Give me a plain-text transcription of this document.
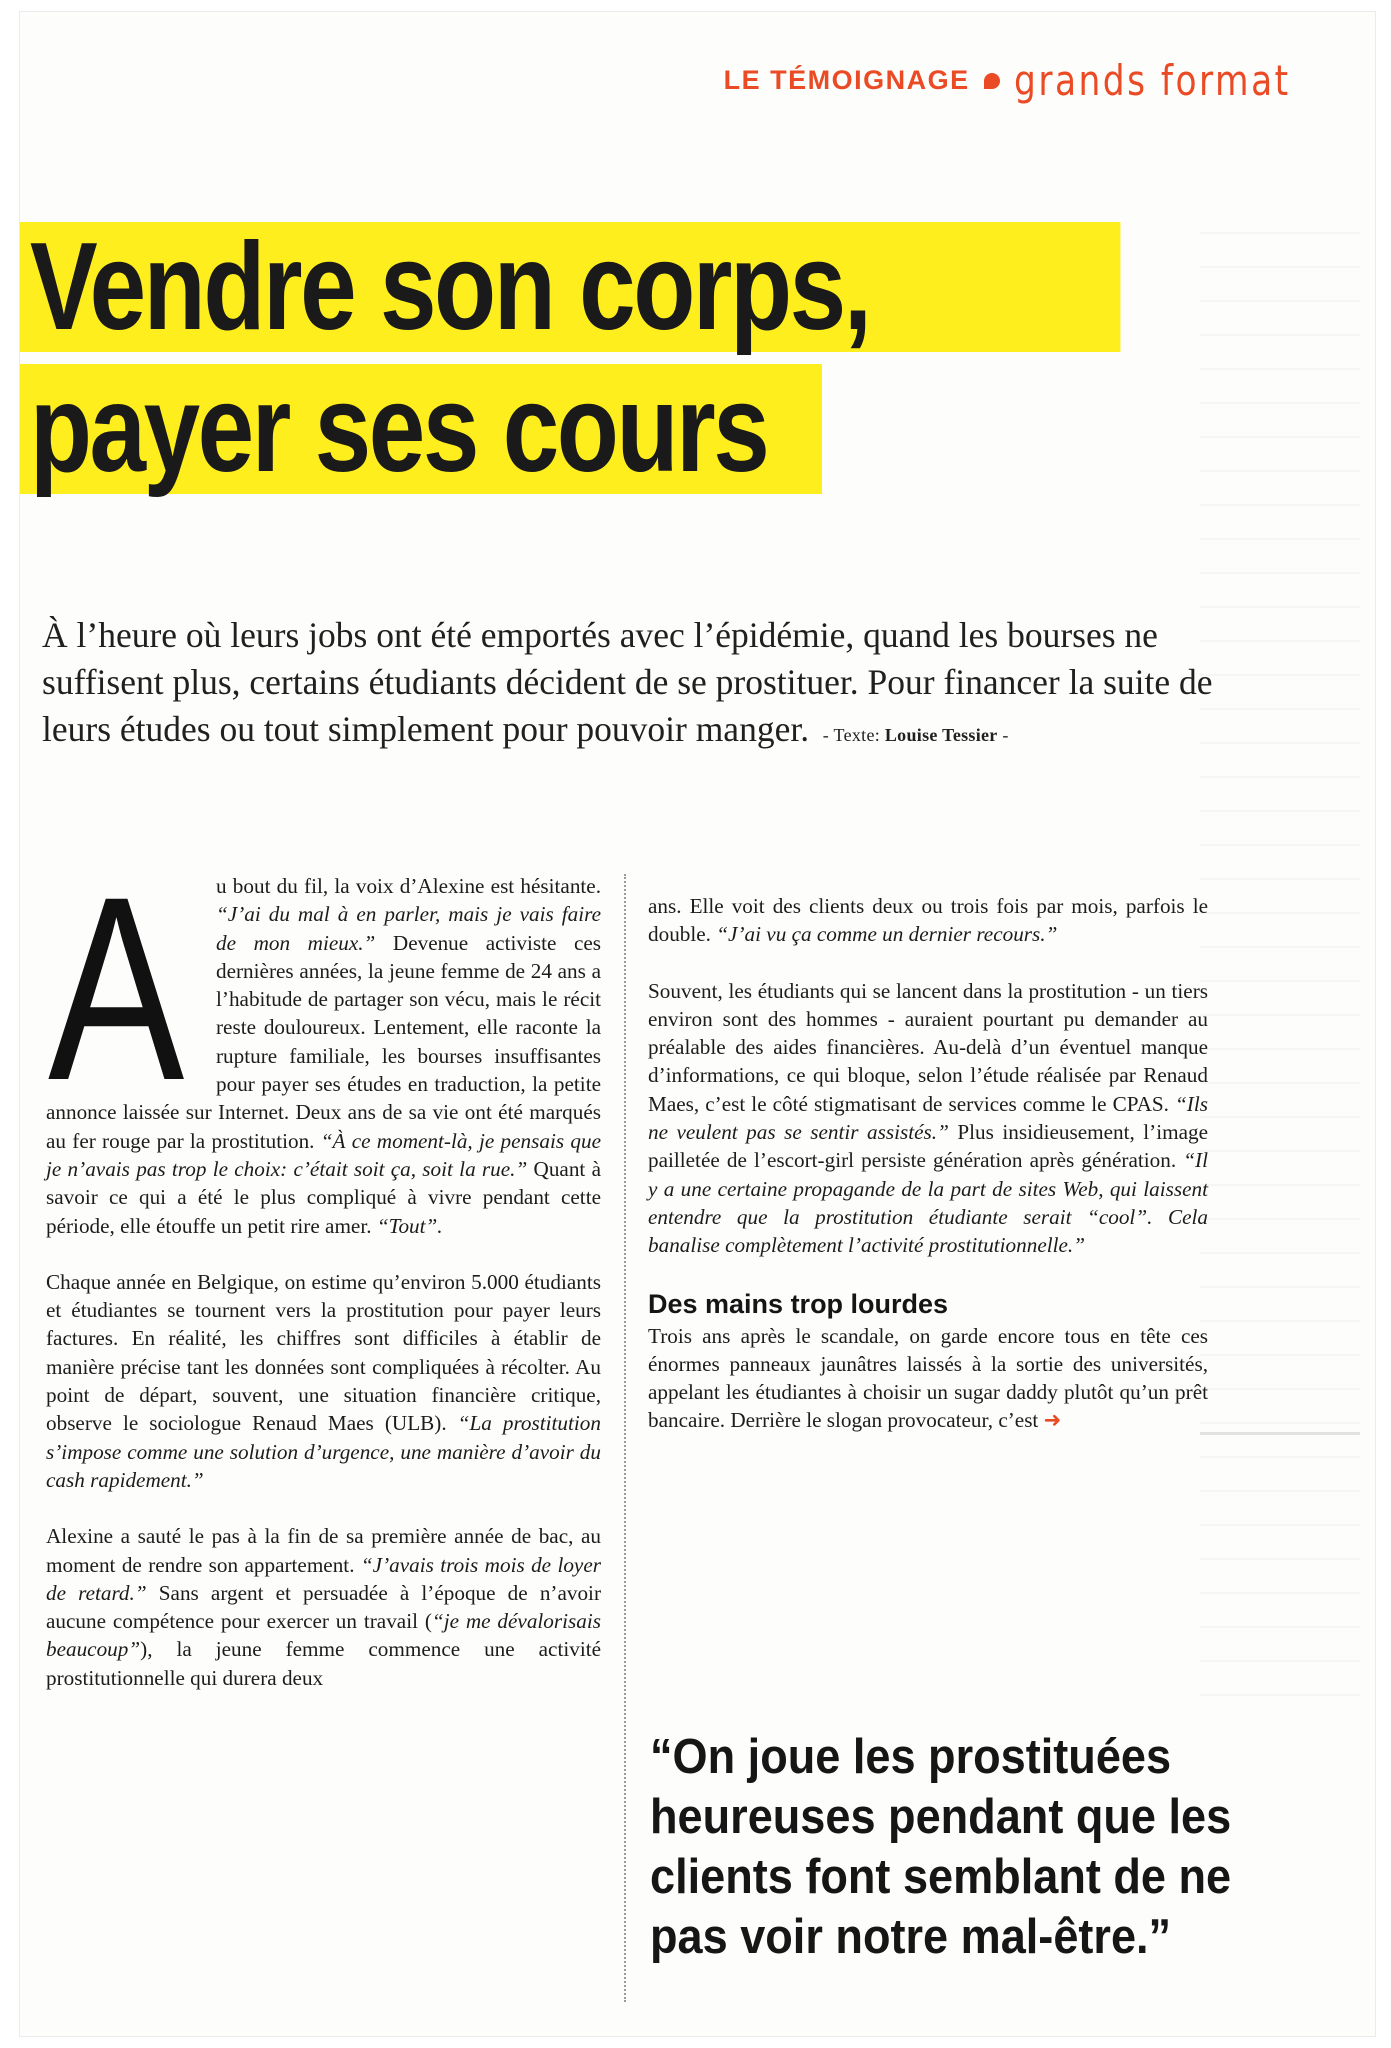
LE TÉMOIGNAGE grands format
Vendre son corps,
payer ses cours
À l’heure où leurs jobs ont été emportés avec l’épidémie, quand les bourses ne suffisent plus, certains étudiants décident de se prostituer. Pour financer la suite de leurs études ou tout simplement pour pouvoir manger. - Texte: Louise Tessier -

A u bout du fil, la voix d’Alexine est hésitante. “J’ai du mal à en parler, mais je vais faire de mon mieux.” Devenue activiste ces dernières années, la jeune femme de 24 ans a l’habitude de partager son vécu, mais le récit reste douloureux. Lentement, elle raconte la rupture familiale, les bourses insuffisantes pour payer ses études en traduction, la petite annonce laissée sur Internet. Deux ans de sa vie ont été marqués au fer rouge par la prostitution. “À ce moment-là, je pensais que je n’avais pas trop le choix: c’était soit ça, soit la rue.” Quant à savoir ce qui a été le plus compliqué à vivre pendant cette période, elle étouffe un petit rire amer. “Tout”.

Chaque année en Belgique, on estime qu’environ 5.000 étudiants et étudiantes se tournent vers la prostitution pour payer leurs factures. En réalité, les chiffres sont difficiles à établir de manière précise tant les données sont compliquées à récolter. Au point de départ, souvent, une situation financière critique, observe le sociologue Renaud Maes (ULB). “La prostitution s’impose comme une solution d’urgence, une manière d’avoir du cash rapidement.”

Alexine a sauté le pas à la fin de sa première année de bac, au moment de rendre son appartement. “J’avais trois mois de loyer de retard.” Sans argent et persuadée à l’époque de n’avoir aucune compétence pour exercer un travail (“je me dévalorisais beaucoup”), la jeune femme commence une activité prostitutionnelle qui durera deux

ans. Elle voit des clients deux ou trois fois par mois, parfois le double. “J’ai vu ça comme un dernier recours.”

Souvent, les étudiants qui se lancent dans la prostitution - un tiers environ sont des hommes - auraient pourtant pu demander au préalable des aides financières. Au-delà d’un éventuel manque d’informations, ce qui bloque, selon l’étude réalisée par Renaud Maes, c’est le côté stigmatisant de services comme le CPAS. “Ils ne veulent pas se sentir assistés.” Plus insidieusement, l’image pailletée de l’escort-girl persiste génération après génération. “Il y a une certaine propagande de la part de sites Web, qui laissent entendre que la prostitution étudiante serait “cool”. Cela banalise complètement l’activité prostitutionnelle.”

Des mains trop lourdes

Trois ans après le scandale, on garde encore tous en tête ces énormes panneaux jaunâtres laissés à la sortie des universités, appelant les étudiantes à choisir un sugar daddy plutôt qu’un prêt bancaire. Derrière le slogan provocateur, c’est ➜

“On joue les prostituées heureuses pendant que les clients font semblant de ne pas voir notre mal-être.”
